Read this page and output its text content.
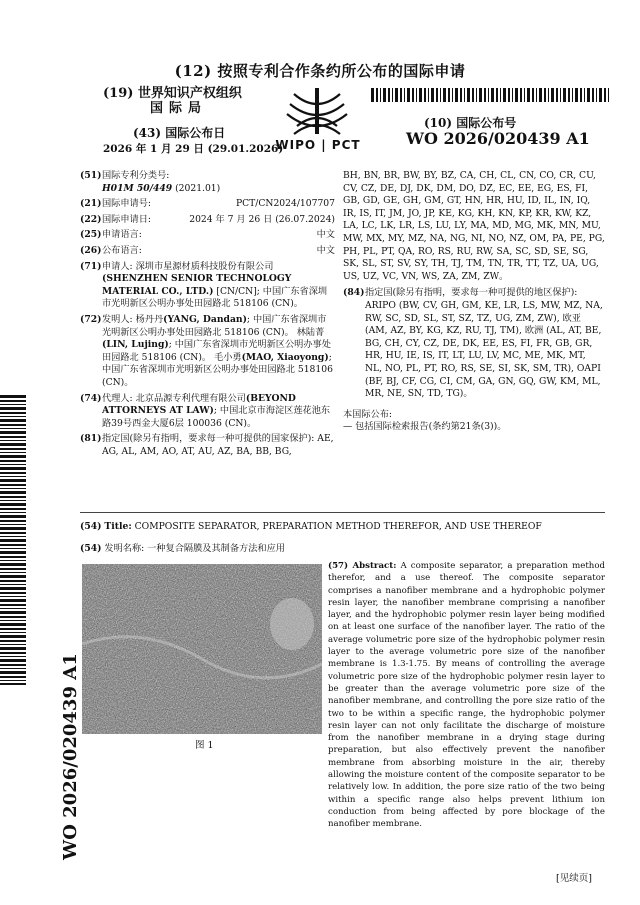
(12) 按照专利合作条约所公布的国际申请
(19) 世界知识产权组织
国际局
(43) 国际公布日
2026 年 1 月 29 日 (29.01.2026)
WIPO | PCT
(10) 国际公布号
WO 2026/020439 A1
WO 2026/020439 A1
(51) 国际专利分类号:
H01M 50/449 (2021.01)
(21) 国际申请号:	PCT/CN2024/107707
(22) 国际申请日:	2024 年 7 月 26 日 (26.07.2024)
(25) 申请语言:	中文
(26) 公布语言:	中文
(71) 申请人: 深圳市星源材质科技股份有限公司 (SHENZHEN SENIOR TECHNOLOGY MATERIAL CO., LTD.) [CN/CN]; 中国广东省深圳市光明新区公明办事处田园路北 518106 (CN)。
(72) 发明人: 杨丹丹(YANG, Dandan); 中国广东省深圳市光明新区公明办事处田园路北 518106 (CN)。 林陆菁(LIN, Lujing); 中国广东省深圳市光明新区公明办事处田园路北 518106 (CN)。 毛小勇(MAO, Xiaoyong); 中国广东省深圳市光明新区公明办事处田园路北 518106 (CN)。
(74) 代理人: 北京品源专利代理有限公司(BEYOND ATTORNEYS AT LAW); 中国北京市海淀区莲花池东路39号西金大厦6层 100036 (CN)。
(81) 指定国(除另有指明，要求每一种可提供的国家保护): AE, AG, AL, AM, AO, AT, AU, AZ, BA, BB, BG,
BH, BN, BR, BW, BY, BZ, CA, CH, CL, CN, CO, CR, CU, CV, CZ, DE, DJ, DK, DM, DO, DZ, EC, EE, EG, ES, FI, GB, GD, GE, GH, GM, GT, HN, HR, HU, ID, IL, IN, IQ, IR, IS, IT, JM, JO, JP, KE, KG, KH, KN, KP, KR, KW, KZ, LA, LC, LK, LR, LS, LU, LY, MA, MD, MG, MK, MN, MU, MW, MX, MY, MZ, NA, NG, NI, NO, NZ, OM, PA, PE, PG, PH, PL, PT, QA, RO, RS, RU, RW, SA, SC, SD, SE, SG, SK, SL, ST, SV, SY, TH, TJ, TM, TN, TR, TT, TZ, UA, UG, US, UZ, VC, VN, WS, ZA, ZM, ZW。
(84) 指定国(除另有指明，要求每一种可提供的地区保护): ARIPO (BW, CV, GH, GM, KE, LR, LS, MW, MZ, NA, RW, SC, SD, SL, ST, SZ, TZ, UG, ZM, ZW), 欧亚 (AM, AZ, BY, KG, KZ, RU, TJ, TM), 欧洲 (AL, AT, BE, BG, CH, CY, CZ, DE, DK, EE, ES, FI, FR, GB, GR, HR, HU, IE, IS, IT, LT, LU, LV, MC, ME, MK, MT, NL, NO, PL, PT, RO, RS, SE, SI, SK, SM, TR), OAPI (BF, BJ, CF, CG, CI, CM, GA, GN, GQ, GW, KM, ML, MR, NE, SN, TD, TG)。
本国际公布:
— 包括国际检索报告(条约第21条(3))。
(54) Title: COMPOSITE SEPARATOR, PREPARATION METHOD THEREFOR, AND USE THEREOF
(54) 发明名称: 一种复合隔膜及其制备方法和应用
图 1
(57) Abstract: A composite separator, a preparation method therefor, and a use thereof. The composite separator comprises a nanofiber membrane and a hydrophobic polymer resin layer, the nanofiber membrane comprising a nanofiber layer, and the hydrophobic polymer resin layer being modified on at least one surface of the nanofiber layer. The ratio of the average volumetric pore size of the hydrophobic polymer resin layer to the average volumetric pore size of the nanofiber membrane is 1.3-1.75. By means of controlling the average volumetric pore size of the hydrophobic polymer resin layer to be greater than the average volumetric pore size of the nanofiber membrane, and controlling the pore size ratio of the two to be within a specific range, the hydrophobic polymer resin layer can not only facilitate the discharge of moisture from the nanofiber membrane in a drying stage during preparation, but also effectively prevent the nanofiber membrane from absorbing moisture in the air, thereby allowing the moisture content of the composite separator to be relatively low. In addition, the pore size ratio of the two being within a specific range also helps prevent lithium ion conduction from being affected by pore blockage of the nanofiber membrane.
[见续页]
